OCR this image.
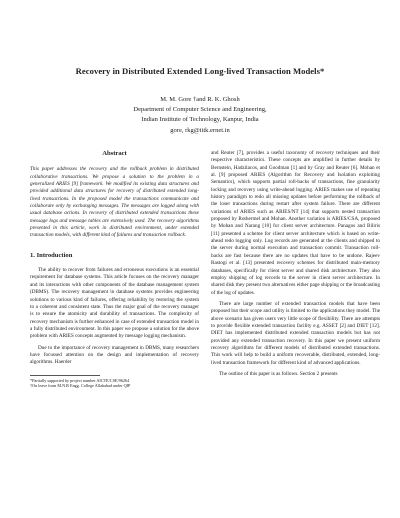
Recovery in Distributed Extended Long-lived Transaction Models*
M. M. Gore †and R. K. Ghosh
Department of Computer Science and Engineering,
Indian Institute of Technology, Kanpur, India
gore, rkg@iitk.ernet.in
Abstract

This paper addresses the recovery and the rollback problem in distributed collaborative transactions. We propose a solution to the problem in a generalized ARIES [9] framework. We modified its existing data structures and provided additional data structures for recovery of distributed extended long-lived transactions. In the proposed model the transactions communicate and collaborate only by exchanging messages. The messages are logged along with usual database actions. In recovery of distributed extended transactions these message logs and message tables are extensively used. The recovery algorithms presented in this article, work in distributed environment, under extended transaction models, with different kind of failures and transaction rollback.

1. Introduction

The ability to recover from failures and erroneous executions is an essential requirement for database systems. This article focuses on the recovery manager and its interactions with other components of the database management system (DBMS). The recovery management in database systems provides engineering solutions to various kind of failures, offering reliability by restoring the system to a coherent and consistent state. Thus the major goal of the recovery manager is to ensure the atomicity and durability of transactions. The complexity of recovery mechanism is further enhanced in case of extended transaction model in a fully distributed environment. In this paper we propose a solution for the above problem with ARIES concepts augmented by message logging mechanism.

Due to the importance of recovery management in DBMS, many researchers have focussed attention on the design and implementation of recovery algorithms. Haerder

*Partially supported by project number AICTE/CSE/96264

†On leave from M.N.R Engg. College Allahabad under QIP

and Reuter [7], provides a useful taxonomy of recovery techniques and their respective characteristics. These concepts are amplified in further details by Bernstein, Hadzilacos, and Goodman [1] and by Gray and Reuter [6]. Mohan et al. [9] proposed ARIES (Algorithm for Recovery and Isolation exploiting Semantics), which supports partial roll-backs of transactions, fine granularity locking and recovery using write-ahead logging. ARIES makes use of repeating history paradigm to redo all missing updates before performing the rollback of the loser transactions during restart after system failure. There are different variations of ARIES such as ARIES/NT [14] that supports nested transaction proposed by Rothermel and Mohan. Another variation is ARIES/CSA, proposed by Mohan and Narang [10] for client server architecture. Panagos and Biliris [11] presented a scheme for client server architecture which is based on write-ahead redo logging only. Log records are generated at the clients and shipped to the server during normal execution and transaction commit. Transaction roll-backs are fast because there are no updates that have to be undone. Rajeev Rastogi et al. [13] presented recovery schemes for distributed main-memory databases, specifically for client server and shared disk architecture. They also employ shipping of log records to the server in client server architecture. In shared disk they present two alternatives either page shipping or the broadcasting of the log of updates.

There are large number of extended transaction models that have been proposed but their scope and utility is limited to the applications they model. The above scenario has given users very little scope of flexibility. There are attempts to provide flexible extended transaction facility e.g. ASSET [2] and DIET [12]. DIET has implemented distributed extended transaction models but has not provided any extended transaction recovery. In this paper we present uniform recovery algorithms for different models of distributed extended transactions. This work will help to build a uniform recoverable, distributed, extended, long-lived transaction framework for different kind of advanced applications.

The outline of this paper is as follows. Section 2 presents
